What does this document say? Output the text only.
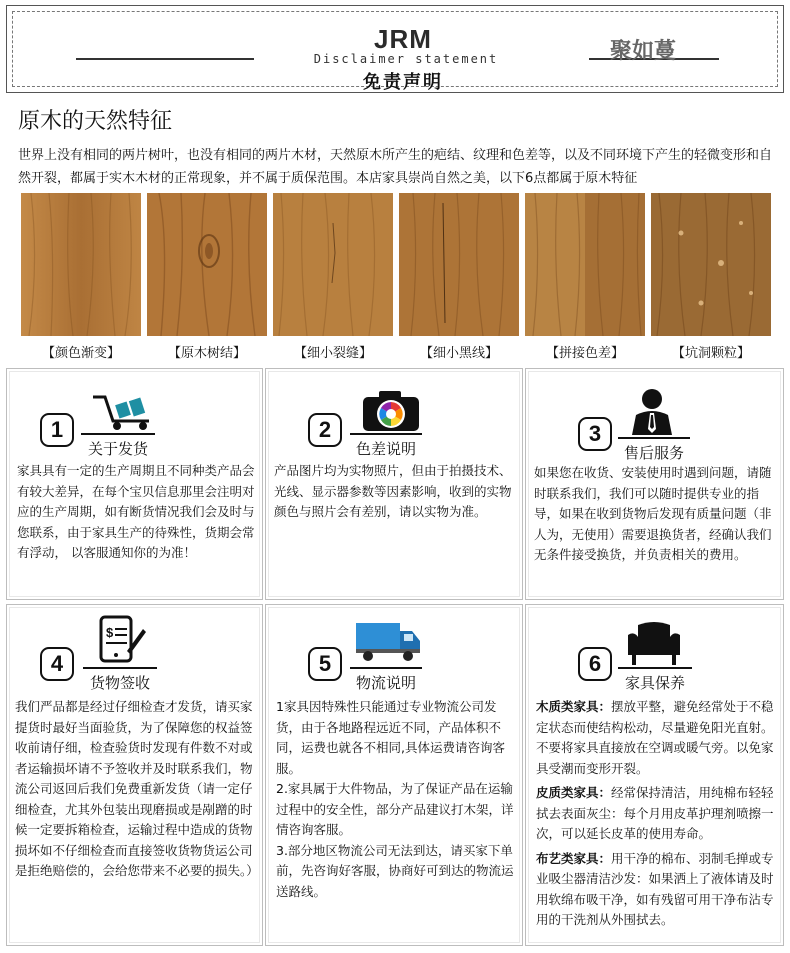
JRM
Disclaimer statement
免责声明
聚如蔓
原木的天然特征
世界上没有相同的两片树叶，也没有相同的两片木材，天然原木所产生的疤结、纹理和色差等，以及不同环境下产生的轻微变形和自然开裂，都属于实木木材的正常现象，并不属于质保范围。本店家具崇尚自然之美，以下6点都属于原木特征
【颜色渐变】	【原木树结】	【细小裂缝】	【细小黑线】	【拼接色差】	【坑洞颗粒】
1
关于发货
家具具有一定的生产周期且不同种类产品会有较大差异，在每个宝贝信息那里会注明对应的生产周期，如有断货情况我们会及时与您联系，由于家具生产的待殊性，货期会常有浮动， 以客服通知你的为准！
2
色差说明
产品图片均为实物照片，但由于拍摄技术、光线、显示器参数等因素影响，收到的实物颜色与照片会有差别，请以实物为准。
3
售后服务
如果您在收货、安装使用时遇到问题，请随时联系我们，我们可以随时提供专业的指导，如果在收到货物后发现有质量问题（非人为，无使用）需要退换货者，经确认我们无条件接受换货，并负责相关的费用。
4
$
货物签收
我们严品都是经过仔细检查才发货，请买家提货时最好当面验货，为了保障您的权益签收前请仔细，检查验货时发现有件数不对或者运输损坏请不予签收并及时联系我们，物流公司返回后我们免费重新发货（请一定仔细检查，尤其外包装出现磨损或是剐蹭的时候一定要拆箱检查，运输过程中造成的货物损坏如不仔细检查而直接签收货物货运公司是拒绝赔偿的，会给您带来不必要的损失。）
5
物流说明

1家具因特殊性只能通过专业物流公司发货，由于各地路程远近不同，产品体积不同，运费也就各不相同,具体运费请咨询客服。

2.家具属于大件物品，为了保证产品在运输过程中的安全性，部分产品建议打木架，详情咨询客服。

3.部分地区物流公司无法到达，请买家下单前，先咨询好客服，协商好可到达的物流运送路线。

6
家具保养

木质类家具：摆放平整，避免经常处于不稳定状态而使结构松动，尽量避免阳光直射。不要将家具直接放在空调或暖气旁。以免家具受潮而变形开裂。

皮质类家具：经常保持清洁，用纯棉布轻轻拭去表面灰尘：每个月用皮革护理剂喷擦一次，可以延长皮革的使用寿命。

布艺类家具：用干净的棉布、羽制毛掸或专业吸尘器清洁沙发：如果洒上了液体请及时用软绵布吸干净，如有残留可用干净布沾专用的干洗剂从外围拭去。
